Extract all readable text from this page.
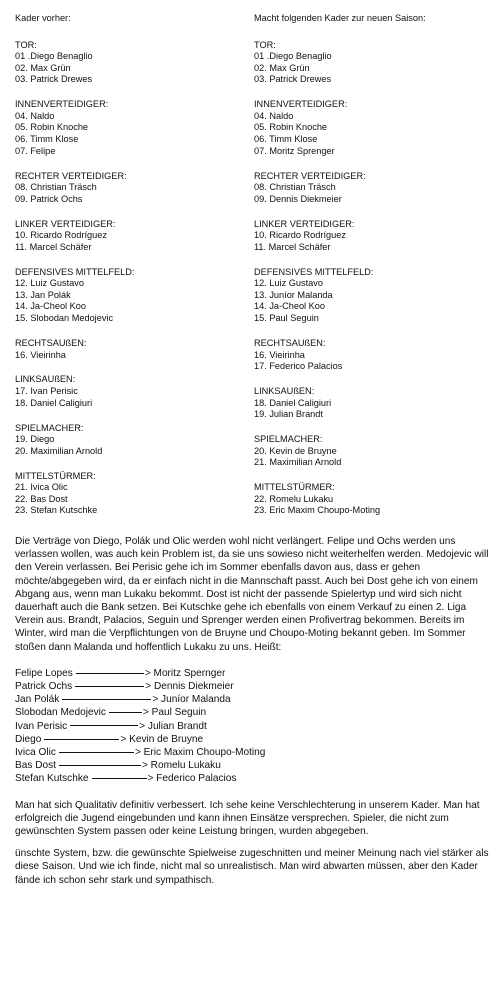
Kader vorher:
TOR:
01 .Diego Benaglio
02. Max Grün
03. Patrick Drewes
INNENVERTEIDIGER:
04. Naldo
05. Robin Knoche
06. Timm Klose
07. Felipe
RECHTER VERTEIDIGER:
08. Christian Träsch
09. Patrick Ochs
LINKER VERTEIDIGER:
10. Ricardo Rodríguez
11. Marcel Schäfer
DEFENSIVES MITTELFELD:
12. Luiz Gustavo
13. Jan Polák
14. Ja-Cheol Koo
15. Slobodan Medojevic
RECHTSAUßEN:
16. Vieirinha
LINKSAUßEN:
17. Ivan Perisic
18. Daniel Caligiuri
SPIELMACHER:
19. Diego
20. Maximilian Arnold
MITTELSTÜRMER:
21. Ivica Olic
22. Bas Dost
23. Stefan Kutschke
Macht folgenden Kader zur neuen Saison:
TOR:
01 .Diego Benaglio
02. Max Grün
03. Patrick Drewes
INNENVERTEIDIGER:
04. Naldo
05. Robin Knoche
06. Timm Klose
07. Moritz Sprenger
RECHTER VERTEIDIGER:
08. Christian Träsch
09. Dennis Diekmeier
LINKER VERTEIDIGER:
10. Ricardo Rodríguez
11. Marcel Schäfer
DEFENSIVES MITTELFELD:
12. Luiz Gustavo
13. Juníor Malanda
14. Ja-Cheol Koo
15. Paul Seguin
RECHTSAUßEN:
16. Vieirinha
17. Federico Palacios
LINKSAUßEN:
18. Daniel Caligiuri
19. Julian Brandt
SPIELMACHER:
20. Kevin de Bruyne
21. Maximilian Arnold
MITTELSTÜRMER:
22. Romelu Lukaku
23. Eric Maxim Choupo-Moting
Die Verträge von Diego, Polák und Olic werden wohl nicht verlängert. Felipe und Ochs werden uns verlassen wollen, was auch kein Problem ist, da sie uns sowieso nicht weiterhelfen werden. Medojevic will den Verein verlassen. Bei Perisic gehe ich im Sommer ebenfalls davon aus, dass er gehen möchte/abgegeben wird, da er einfach nicht in die Mannschaft passt. Auch bei Dost gehe ich von einem Abgang aus, wenn man Lukaku bekommt. Dost ist nicht der passende Spielertyp und wird sich nicht dauerhaft auch die Bank setzen. Bei Kutschke gehe ich ebenfalls von einem Verkauf zu einen 2. Liga Verein aus. Brandt, Palacios, Seguin und Sprenger werden einen Profivertrag bekommen. Bereits im Winter, wird man die Verpflichtungen von de Bruyne und Choupo-Moting bekannt geben. Im Sommer stoßen dann Malanda und hoffentlich Lukaku zu uns. Heißt:
Felipe Lopes	> Moritz Spernger
Patrick Ochs	> Dennis Diekmeier
Jan Polák	> Juníor Malanda
Slobodan Medojevic	> Paul Seguin
Ivan Perisic	> Julian Brandt
Diego	> Kevin de Bruyne
Ivica Olic	> Eric Maxim Choupo-Moting
Bas Dost	> Romelu Lukaku
Stefan Kutschke	> Federico Palacios
Man hat sich Qualitativ definitiv verbessert. Ich sehe keine Verschlechterung in unserem Kader. Man hat erfolgreich die Jugend eingebunden und kann ihnen Einsätze versprechen. Spieler, die nicht zum gewünschten System passen oder keine Leistung bringen, wurden abgegeben.
ünschte System, bzw. die gewünschte Spielweise zugeschnitten und meiner Meinung nach viel stärker als diese Saison. Und wie ich finde, nicht mal so unrealistisch. Man wird abwarten müssen, aber den Kader fände ich schon sehr stark und sympathisch.
